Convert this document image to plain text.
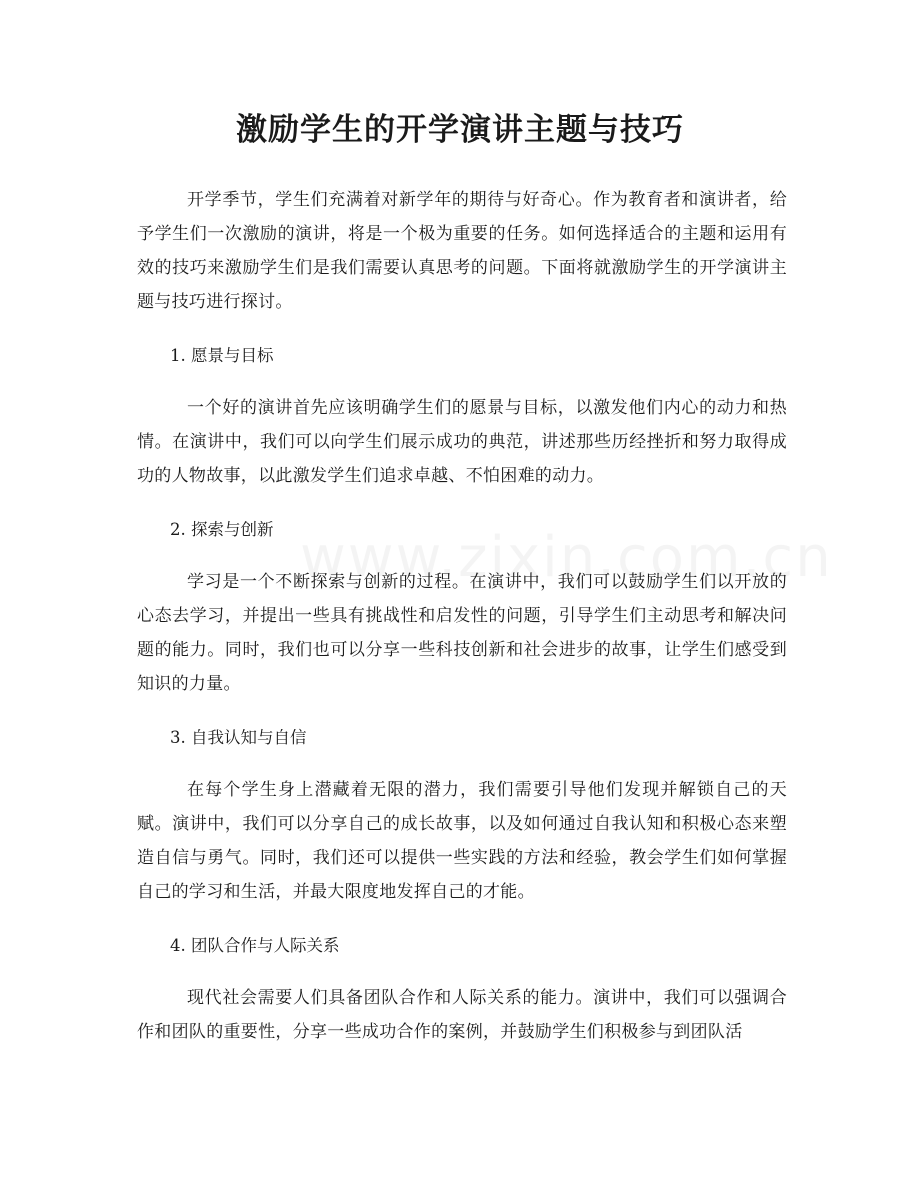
激励学生的开学演讲主题与技巧

开学季节，学生们充满着对新学年的期待与好奇心。作为教育者和演讲者，给予学生们一次激励的演讲，将是一个极为重要的任务。如何选择适合的主题和运用有效的技巧来激励学生们是我们需要认真思考的问题。下面将就激励学生的开学演讲主题与技巧进行探讨。

1. 愿景与目标

一个好的演讲首先应该明确学生们的愿景与目标，以激发他们内心的动力和热情。在演讲中，我们可以向学生们展示成功的典范，讲述那些历经挫折和努力取得成功的人物故事，以此激发学生们追求卓越、不怕困难的动力。

2. 探索与创新

学习是一个不断探索与创新的过程。在演讲中，我们可以鼓励学生们以开放的心态去学习，并提出一些具有挑战性和启发性的问题，引导学生们主动思考和解决问题的能力。同时，我们也可以分享一些科技创新和社会进步的故事，让学生们感受到知识的力量。

3. 自我认知与自信

在每个学生身上潜藏着无限的潜力，我们需要引导他们发现并解锁自己的天赋。演讲中，我们可以分享自己的成长故事，以及如何通过自我认知和积极心态来塑造自信与勇气。同时，我们还可以提供一些实践的方法和经验，教会学生们如何掌握自己的学习和生活，并最大限度地发挥自己的才能。

4. 团队合作与人际关系

现代社会需要人们具备团队合作和人际关系的能力。演讲中，我们可以强调合作和团队的重要性，分享一些成功合作的案例，并鼓励学生们积极参与到团队活
